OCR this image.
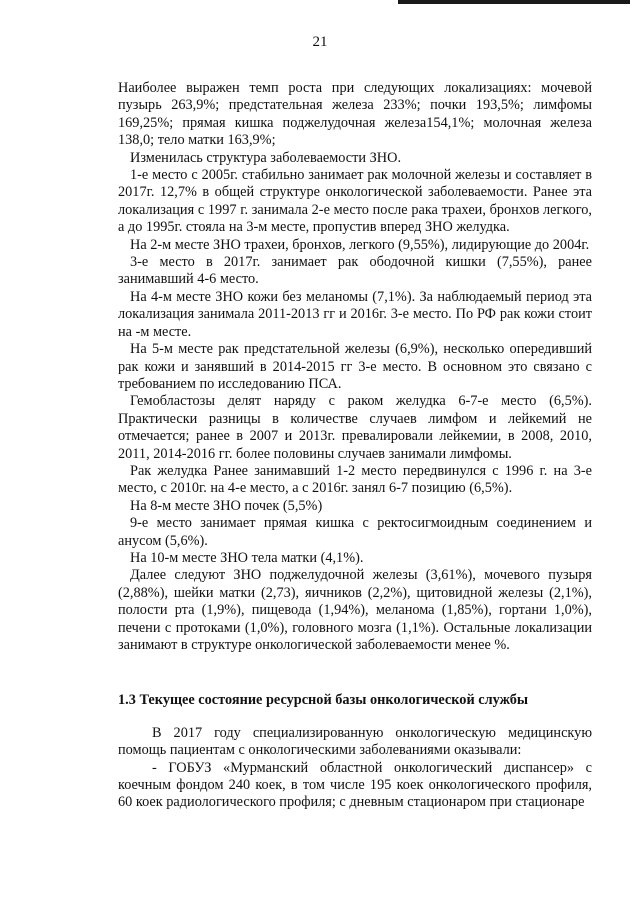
21

Наиболее выражен темп роста при следующих локализациях: мочевой пузырь 263,9%; предстательная железа 233%; почки 193,5%; лимфомы 169,25%; прямая кишка поджелудочная железа154,1%; молочная железа 138,0; тело матки 163,9%;

Изменилась структура заболеваемости ЗНО.

1-е место с 2005г. стабильно занимает рак молочной железы и составляет в 2017г. 12,7% в общей структуре онкологической заболеваемости. Ранее эта локализация с 1997 г. занимала 2-е место после рака трахеи, бронхов легкого, а до 1995г. стояла на 3-м месте, пропустив вперед ЗНО желудка.

На 2-м месте ЗНО трахеи, бронхов, легкого (9,55%), лидирующие до 2004г.

3-е место в 2017г. занимает рак ободочной кишки (7,55%), ранее занимавший 4-6 место.

На 4-м месте ЗНО кожи без меланомы (7,1%). За наблюдаемый период эта локализация занимала 2011-2013 гг и 2016г. 3-е место. По РФ рак кожи стоит на -м месте.

На 5-м месте рак предстательной железы (6,9%), несколько опередивший рак кожи и занявший в 2014-2015 гг 3-е место. В основном это связано с требованием по исследованию ПСА.

Гемобластозы делят наряду с раком желудка 6-7-е место (6,5%). Практически разницы в количестве случаев лимфом и лейкемий не отмечается; ранее в 2007 и 2013г. превалировали лейкемии, в 2008, 2010, 2011, 2014-2016 гг. более половины случаев занимали лимфомы.

Рак желудка Ранее занимавший 1-2 место передвинулся с 1996 г. на 3-е место, с 2010г. на 4-е место, а с 2016г. занял 6-7 позицию (6,5%).

На 8-м месте ЗНО почек (5,5%)

9-е место занимает прямая кишка с ректосигмоидным соединением и анусом (5,6%).

На 10-м месте ЗНО тела матки (4,1%).

Далее следуют ЗНО поджелудочной железы (3,61%), мочевого пузыря (2,88%), шейки матки (2,73), яичников (2,2%), щитовидной железы (2,1%), полости рта (1,9%), пищевода (1,94%), меланома (1,85%), гортани 1,0%), печени с протоками (1,0%), головного мозга (1,1%). Остальные локализации занимают в структуре онкологической заболеваемости менее %.

1.3 Текущее состояние ресурсной базы онкологической службы

В 2017 году специализированную онкологическую медицинскую помощь пациентам с онкологическими заболеваниями оказывали:

- ГОБУЗ «Мурманский областной онкологический диспансер» с коечным фондом 240 коек, в том числе 195 коек онкологического профиля, 60 коек радиологического профиля; с дневным стационаром при стационаре
